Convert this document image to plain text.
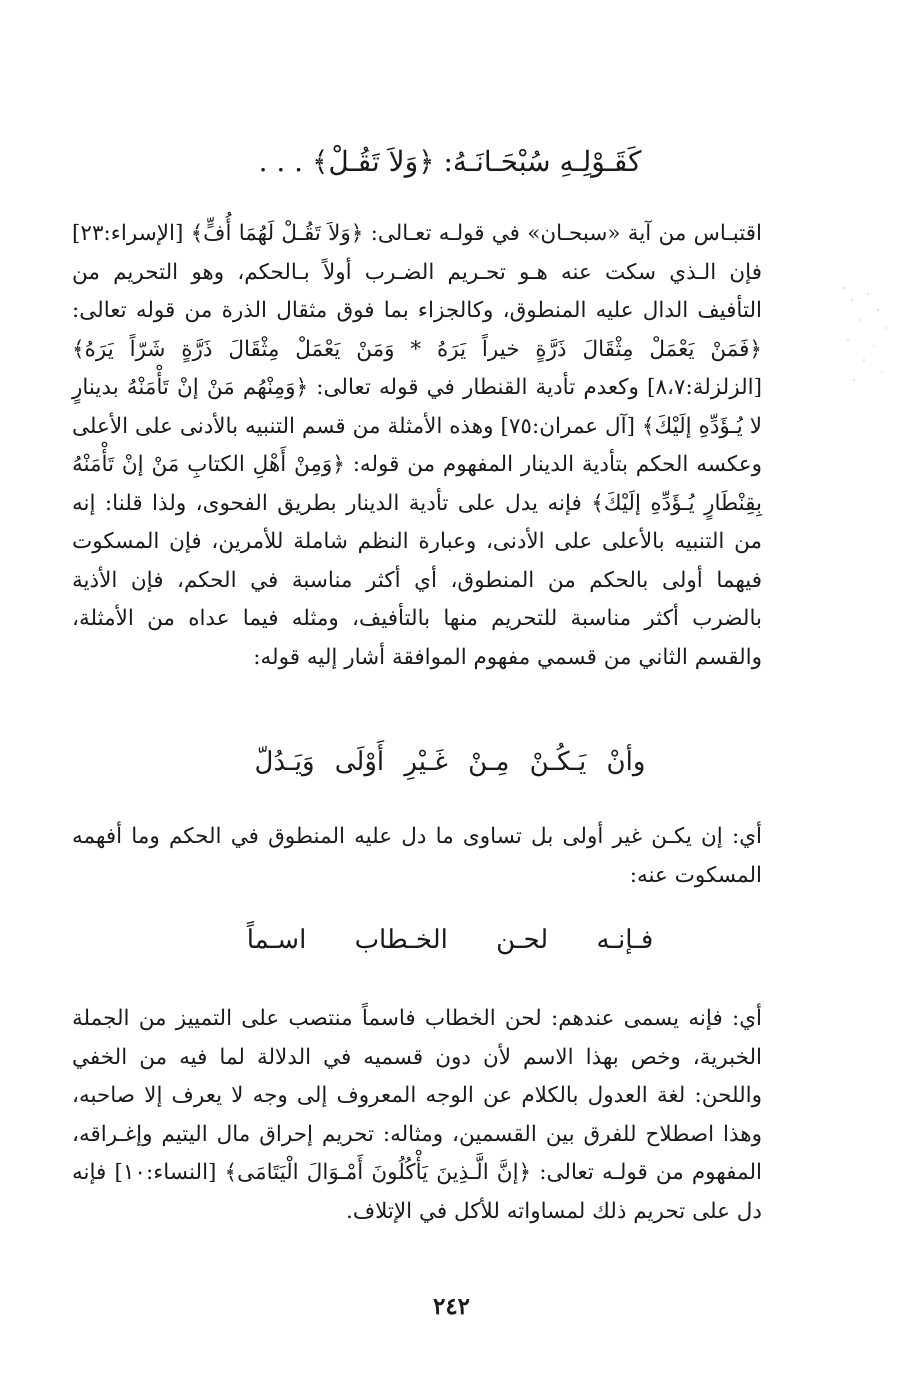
كَقَـوْلِـهِ سُبْحَـانَـهُ: ﴿وَلاَ تَقُـلْ﴾ . . .

اقتبـاس من آية «سبحـان» في قولـه تعـالى: ﴿وَلاَ تَقُـلْ لَهُمَا أُفٍّ﴾ [الإسراء:٢٣] فإن الـذي سكت عنه هـو تحـريم الضـرب أولاً بـالحكم، وهو التحريم من التأفيف الدال عليه المنطوق، وكالجزاء بما فوق مثقال الذرة من قوله تعالى: ﴿فَمَنْ يَعْمَلْ مِثْقَالَ ذَرَّةٍ خيراً يَرَهُ * وَمَنْ يَعْمَلْ مِثْقَالَ ذَرَّةٍ شَرّاً يَرَهُ﴾ [الزلزلة:٨،٧] وكعدم تأدية القنطار في قوله تعالى: ﴿وَمِنْهُم مَنْ إنْ تَأْمَنْهُ بدينارٍ لا يُـؤَدِّهِ إلَيْكَ﴾ [آل عمران:٧٥] وهذه الأمثلة من قسم التنبيه بالأدنى على الأعلى وعكسه الحكم بتأدية الدينار المفهوم من قوله: ﴿وَمِنْ أَهْلِ الكتابِ مَنْ إنْ تَأْمَنْهُ بِقِنْطَارٍ يُـؤَدِّهِ إلَيْكَ﴾ فإنه يدل على تأدية الدينار بطريق الفحوى، ولذا قلنا: إنه من التنبيه بالأعلى على الأدنى، وعبارة النظم شاملة للأمرين، فإن المسكوت فيهما أولى بالحكم من المنطوق، أي أكثر مناسبة في الحكم، فإن الأذية بالضرب أكثر مناسبة للتحريم منها بالتأفيف، ومثله فيما عداه من الأمثلة، والقسم الثاني من قسمي مفهوم الموافقة أشار إليه قوله:

وأنْ يَـكُـنْ مِـنْ غَـيْرِ أَوْلَى وَيَـدُلّ

أي: إن يكـن غير أولى بل تساوى ما دل عليه المنطوق في الحكم وما أفهمه المسكوت عنه:

فـإنـه لحـن الخـطاب اسـماً

أي: فإنه يسمى عندهم: لحن الخطاب فاسماً منتصب على التمييز من الجملة الخبرية، وخص بهذا الاسم لأن دون قسميه في الدلالة لما فيه من الخفي واللحن: لغة العدول بالكلام عن الوجه المعروف إلى وجه لا يعرف إلا صاحبه، وهذا اصطلاح للفرق بين القسمين، ومثاله: تحريم إحراق مال اليتيم وإغـراقه، المفهوم من قولـه تعالى: ﴿إنَّ الَّـذِينَ يَأْكُلُونَ أَمْـوَالَ الْيَتَامَى﴾ [النساء:١٠] فإنه دل على تحريم ذلك لمساواته للأكل في الإتلاف.

٢٤٢
